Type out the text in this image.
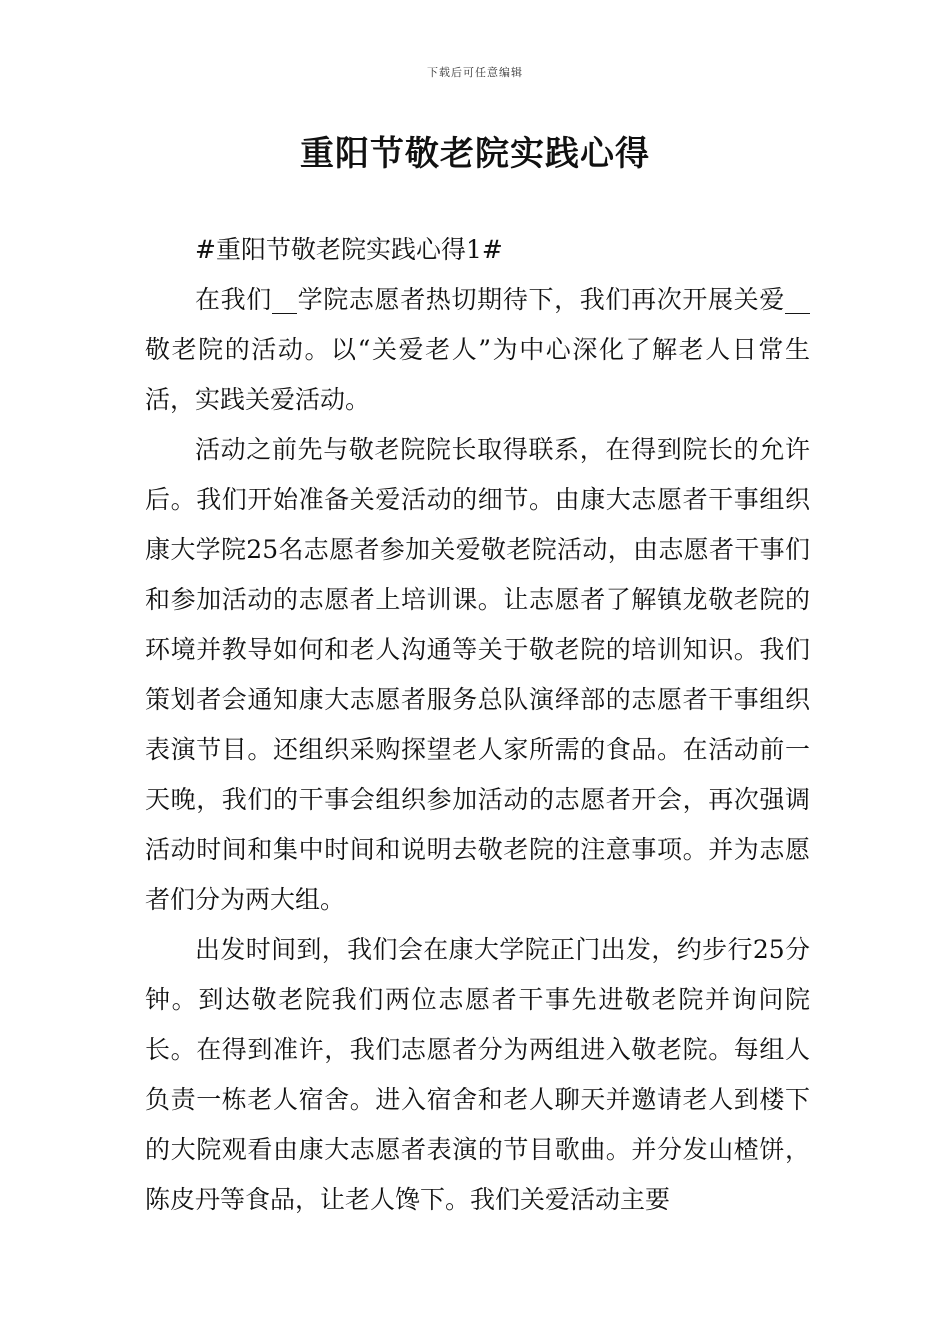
下载后可任意编辑
重阳节敬老院实践心得

#重阳节敬老院实践心得1#

在我们__学院志愿者热切期待下，我们再次开展关爱__敬老院的活动。以“关爱老人”为中心深化了解老人日常生活，实践关爱活动。

活动之前先与敬老院院长取得联系，在得到院长的允许后。我们开始准备关爱活动的细节。由康大志愿者干事组织康大学院25名志愿者参加关爱敬老院活动，由志愿者干事们和参加活动的志愿者上培训课。让志愿者了解镇龙敬老院的环境并教导如何和老人沟通等关于敬老院的培训知识。我们策划者会通知康大志愿者服务总队演绎部的志愿者干事组织表演节目。还组织采购探望老人家所需的食品。在活动前一天晚，我们的干事会组织参加活动的志愿者开会，再次强调活动时间和集中时间和说明去敬老院的注意事项。并为志愿者们分为两大组。

出发时间到，我们会在康大学院正门出发，约步行25分钟。到达敬老院我们两位志愿者干事先进敬老院并询问院长。在得到准许，我们志愿者分为两组进入敬老院。每组人负责一栋老人宿舍。进入宿舍和老人聊天并邀请老人到楼下的大院观看由康大志愿者表演的节目歌曲。并分发山楂饼，陈皮丹等食品，让老人馋下。我们关爱活动主要
